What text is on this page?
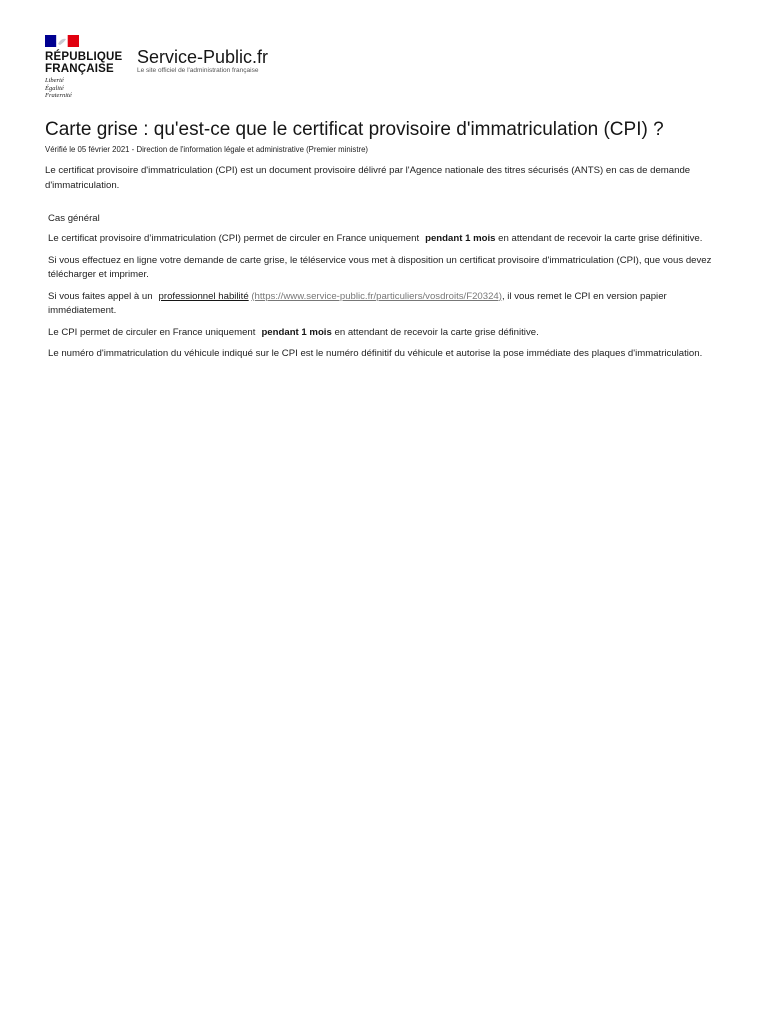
RÉPUBLIQUE
FRANÇAISE
Liberté
Égalité
Fraternité
Service-Public.fr
Le site officiel de l'administration française
Carte grise : qu'est-ce que le certificat provisoire d'immatriculation (CPI) ?
Vérifié le 05 février 2021 - Direction de l'information légale et administrative (Premier ministre)
Le certificat provisoire d'immatriculation (CPI) est un document provisoire délivré par l'Agence nationale des titres sécurisés (ANTS) en cas de demande d'immatriculation.
Cas général
Le certificat provisoire d’immatriculation (CPI) permet de circuler en France uniquement pendant 1 mois en attendant de recevoir la carte grise définitive.
Si vous effectuez en ligne votre demande de carte grise, le téléservice vous met à disposition un certificat provisoire d'immatriculation (CPI), que vous devez télécharger et imprimer.
Si vous faites appel à un professionnel habilité (https://www.service-public.fr/particuliers/vosdroits/F20324), il vous remet le CPI en version papier immédiatement.
Le CPI permet de circuler en France uniquement pendant 1 mois en attendant de recevoir la carte grise définitive.
Le numéro d'immatriculation du véhicule indiqué sur le CPI est le numéro définitif du véhicule et autorise la pose immédiate des plaques d'immatriculation.
